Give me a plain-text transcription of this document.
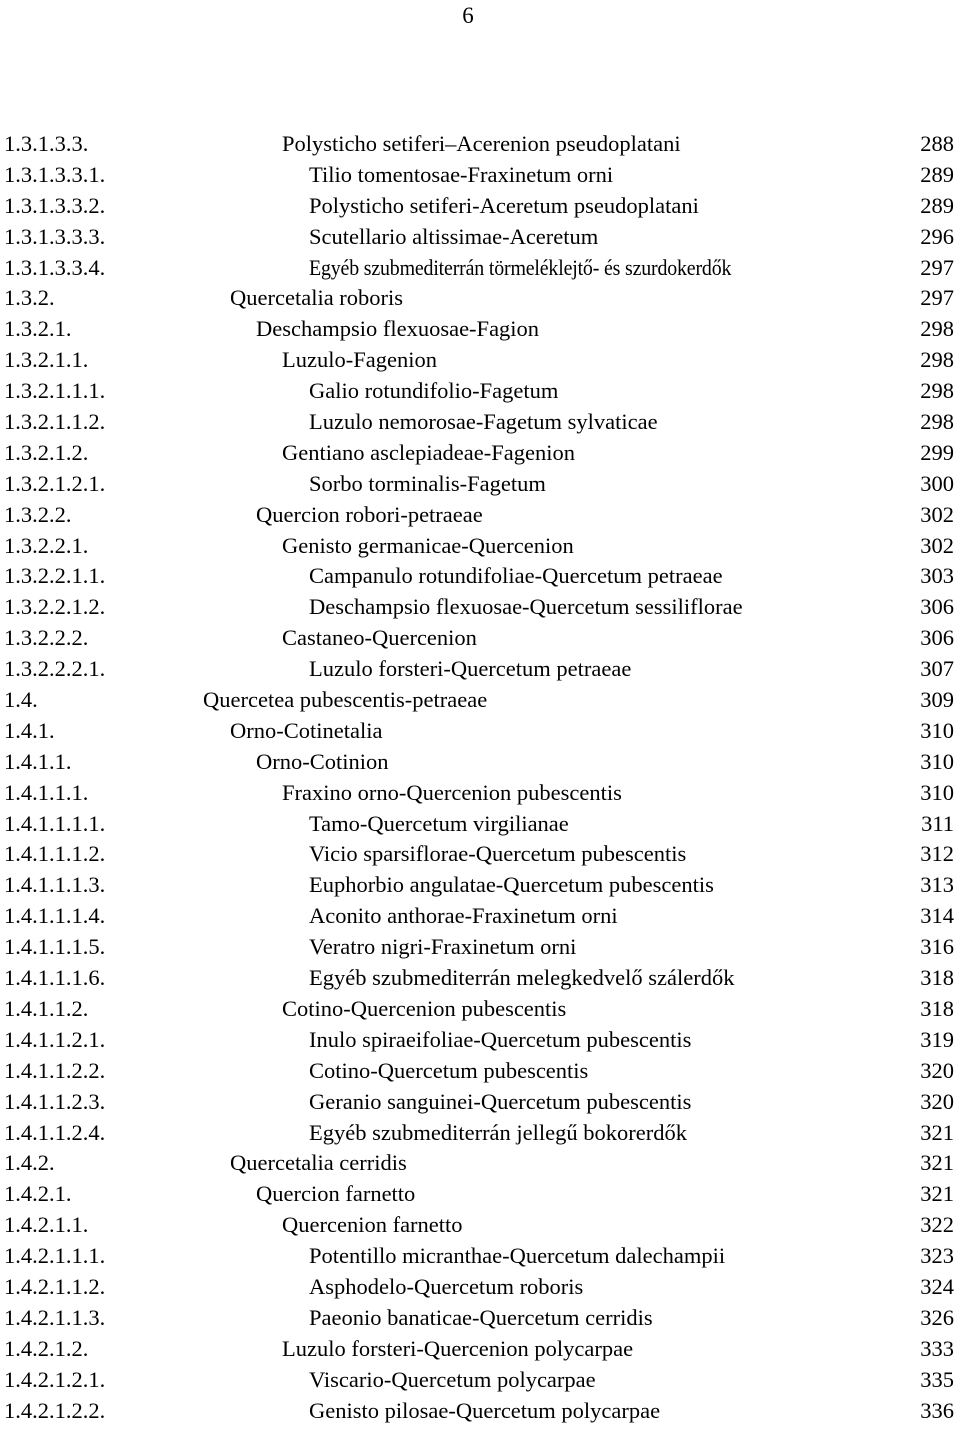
6
1.3.1.3.3.	Polysticho setiferi–Acerenion pseudoplatani	288
1.3.1.3.3.1.	Tilio tomentosae-Fraxinetum orni	289
1.3.1.3.3.2.	Polysticho setiferi-Aceretum pseudoplatani	289
1.3.1.3.3.3.	Scutellario altissimae-Aceretum	296
1.3.1.3.3.4.	Egyéb szubmediterrán törmeléklejtő- és szurdokerdők	297
1.3.2.	Quercetalia roboris	297
1.3.2.1.	Deschampsio flexuosae-Fagion	298
1.3.2.1.1.	Luzulo-Fagenion	298
1.3.2.1.1.1.	Galio rotundifolio-Fagetum	298
1.3.2.1.1.2.	Luzulo nemorosae-Fagetum sylvaticae	298
1.3.2.1.2.	Gentiano asclepiadeae-Fagenion	299
1.3.2.1.2.1.	Sorbo torminalis-Fagetum	300
1.3.2.2.	Quercion robori-petraeae	302
1.3.2.2.1.	Genisto germanicae-Quercenion	302
1.3.2.2.1.1.	Campanulo rotundifoliae-Quercetum petraeae	303
1.3.2.2.1.2.	Deschampsio flexuosae-Quercetum sessiliflorae	306
1.3.2.2.2.	Castaneo-Quercenion	306
1.3.2.2.2.1.	Luzulo forsteri-Quercetum petraeae	307
1.4.	Quercetea pubescentis-petraeae	309
1.4.1.	Orno-Cotinetalia	310
1.4.1.1.	Orno-Cotinion	310
1.4.1.1.1.	Fraxino orno-Quercenion pubescentis	310
1.4.1.1.1.1.	Tamo-Quercetum virgilianae	311
1.4.1.1.1.2.	Vicio sparsiflorae-Quercetum pubescentis	312
1.4.1.1.1.3.	Euphorbio angulatae-Quercetum pubescentis	313
1.4.1.1.1.4.	Aconito anthorae-Fraxinetum orni	314
1.4.1.1.1.5.	Veratro nigri-Fraxinetum orni	316
1.4.1.1.1.6.	Egyéb szubmediterrán melegkedvelő szálerdők	318
1.4.1.1.2.	Cotino-Quercenion pubescentis	318
1.4.1.1.2.1.	Inulo spiraeifoliae-Quercetum pubescentis	319
1.4.1.1.2.2.	Cotino-Quercetum pubescentis	320
1.4.1.1.2.3.	Geranio sanguinei-Quercetum pubescentis	320
1.4.1.1.2.4.	Egyéb szubmediterrán jellegű bokorerdők	321
1.4.2.	Quercetalia cerridis	321
1.4.2.1.	Quercion farnetto	321
1.4.2.1.1.	Quercenion farnetto	322
1.4.2.1.1.1.	Potentillo micranthae-Quercetum dalechampii	323
1.4.2.1.1.2.	Asphodelo-Quercetum roboris	324
1.4.2.1.1.3.	Paeonio banaticae-Quercetum cerridis	326
1.4.2.1.2.	Luzulo forsteri-Quercenion polycarpae	333
1.4.2.1.2.1.	Viscario-Quercetum polycarpae	335
1.4.2.1.2.2.	Genisto pilosae-Quercetum polycarpae	336
